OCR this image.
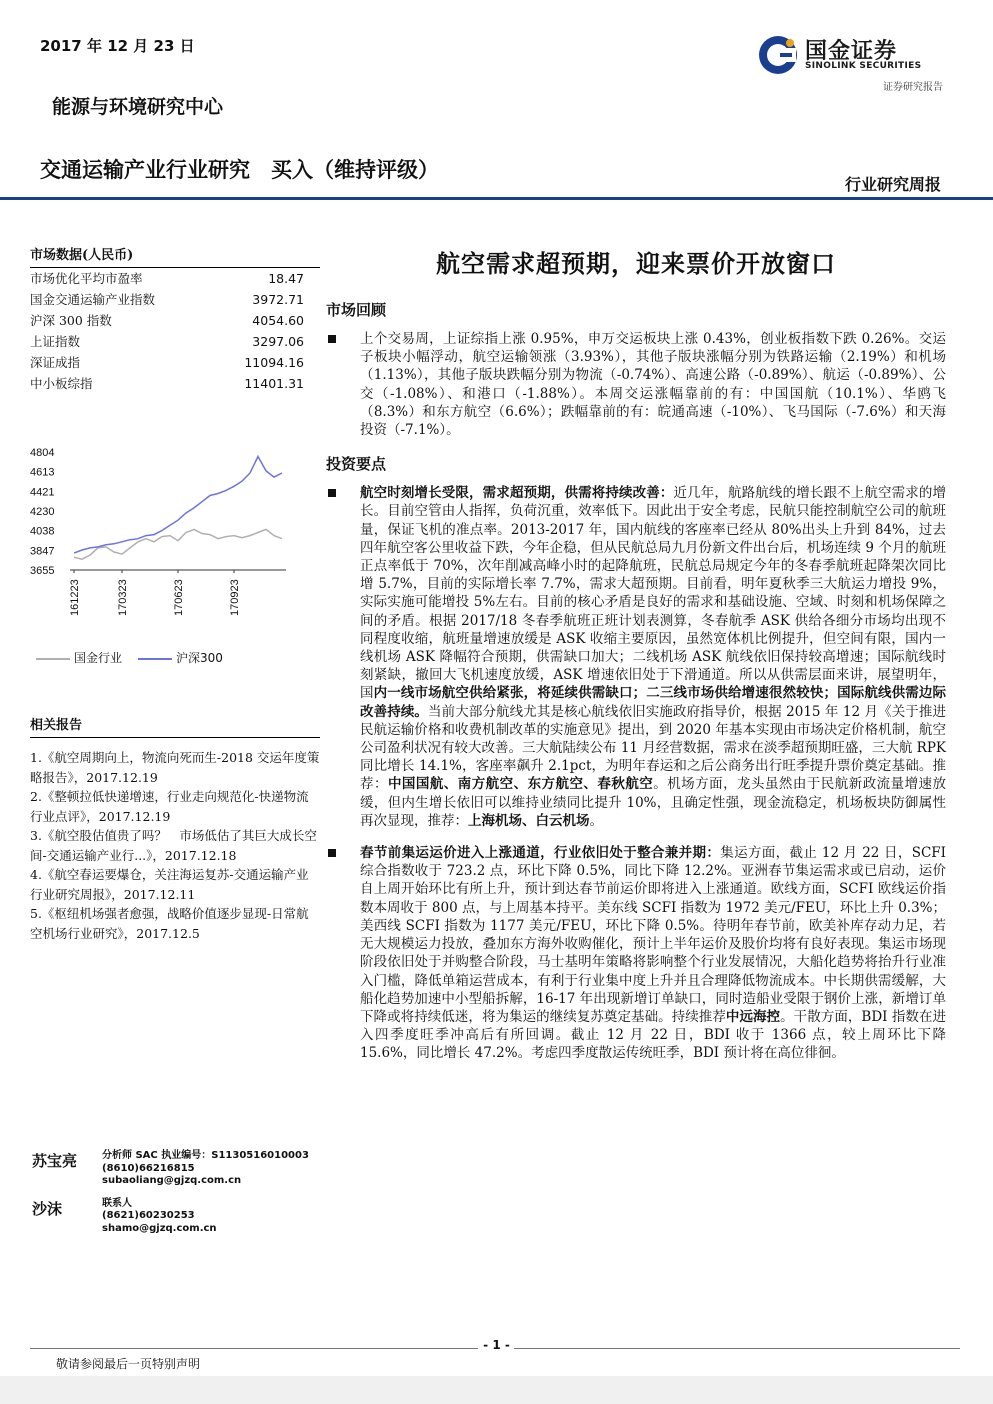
2017 年 12 月 23 日	国金证券
SINOLINK SECURITIES
证券研究报告
能源与环境研究中心
交通运输产业行业研究　买入（维持评级）
行业研究周报
市场数据(人民币)
市场优化平均市盈率	18.47
国金交通运输产业指数	3972.71
沪深 300 指数	4054.60
上证指数	3297.06
深证成指	11094.16
中小板综指	11401.31
4804
4613
4421
4230
4038
3847
3655
161223	170323	170623	170923
国金行业	沪深300
相关报告
1.《航空周期向上，物流向死而生-2018 交运年度策略报告》，2017.12.19
2.《整顿拉低快递增速，行业走向规范化-快递物流行业点评》，2017.12.19
3.《航空股估值贵了吗？　市场低估了其巨大成长空间-交通运输产业行...》，2017.12.18
4.《航空春运要爆仓，关注海运复苏-交通运输产业行业研究周报》，2017.12.11
5.《枢纽机场强者愈强，战略价值逐步显现-日常航空机场行业研究》，2017.12.5
苏宝亮	分析师 SAC 执业编号：S1130516010003
(8610)66216815
subaoliang@gjzq.com.cn
沙沫	联系人
(8621)60230253
shamo@gjzq.com.cn
航空需求超预期，迎来票价开放窗口
市场回顾
上个交易周，上证综指上涨 0.95%，申万交运板块上涨 0.43%，创业板指数下跌 0.26%。交运子板块小幅浮动，航空运输领涨（3.93%），其他子版块涨幅分别为铁路运输（2.19%）和机场（1.13%），其他子版块跌幅分别为物流（-0.74%）、高速公路（-0.89%）、航运（-0.89%）、公交（-1.08%）、和港口（-1.88%）。本周交运涨幅靠前的有：中国国航（10.1%）、华鸥飞（8.3%）和东方航空（6.6%）；跌幅靠前的有：皖通高速（-10%）、飞马国际（-7.6%）和天海投资（-7.1%）。
投资要点
航空时刻增长受限，需求超预期，供需将持续改善：近几年，航路航线的增长跟不上航空需求的增长。目前空管由人指挥，负荷沉重，效率低下。因此出于安全考虑，民航只能控制航空公司的航班量，保证飞机的准点率。2013-2017 年，国内航线的客座率已经从 80%出头上升到 84%，过去四年航空客公里收益下跌，今年企稳，但从民航总局九月份新文件出台后，机场连续 9 个月的航班正点率低于 70%，次年削减高峰小时的起降航班，民航总局规定今年的冬春季航班起降架次同比增 5.7%，目前的实际增长率 7.7%，需求大超预期。目前看，明年夏秋季三大航运力增投 9%，实际实施可能增投 5%左右。目前的核心矛盾是良好的需求和基础设施、空域、时刻和机场保障之间的矛盾。根据 2017/18 冬春季航班正班计划表测算，冬春航季 ASK 供给各细分市场均出现不同程度收缩，航班量增速放缓是 ASK 收缩主要原因，虽然宽体机比例提升，但空间有限，国内一线机场 ASK 降幅符合预期，供需缺口加大；二线机场 ASK 航线依旧保持较高增速；国际航线时刻紧缺，撤回大飞机速度放缓，ASK 增速依旧处于下滑通道。所以从供需层面来讲，展望明年，国内一线市场航空供给紧张，将延续供需缺口；二三线市场供给增速很然较快；国际航线供需边际改善持续。当前大部分航线尤其是核心航线依旧实施政府指导价，根据 2015 年 12 月《关于推进民航运输价格和收费机制改革的实施意见》提出，到 2020 年基本实现由市场决定价格机制，航空公司盈利状况有较大改善。三大航陆续公布 11 月经营数据，需求在淡季超预期旺盛，三大航 RPK 同比增长 14.1%，客座率飙升 2.1pct，为明年春运和之后公商务出行旺季提升票价奠定基础。推荐：中国国航、南方航空、东方航空、春秋航空。机场方面，龙头虽然由于民航新政流量增速放缓，但内生增长依旧可以维持业绩同比提升 10%，且确定性强，现金流稳定，机场板块防御属性再次显现，推荐：上海机场、白云机场。
春节前集运运价进入上涨通道，行业依旧处于整合兼并期：集运方面，截止 12 月 22 日，SCFI 综合指数收于 723.2 点，环比下降 0.5%，同比下降 12.2%。亚洲春节集运需求或已启动，运价自上周开始环比有所上升，预计到达春节前运价即将进入上涨通道。欧线方面，SCFI 欧线运价指数本周收于 800 点，与上周基本持平。美东线 SCFI 指数为 1972 美元/FEU，环比上升 0.3%；美西线 SCFI 指数为 1177 美元/FEU，环比下降 0.5%。待明年春节前，欧美补库存动力足，若无大规模运力投放，叠加东方海外收购催化，预计上半年运价及股价均将有良好表现。集运市场现阶段依旧处于并购整合阶段，马士基明年策略将影响整个行业发展情况，大船化趋势将抬升行业准入门槛，降低单箱运营成本，有利于行业集中度上升并且合理降低物流成本。中长期供需缓解，大船化趋势加速中小型船拆解，16-17 年出现新增订单缺口，同时造船业受限于钢价上涨，新增订单下降或将持续低迷，将为集运的继续复苏奠定基础。持续推荐中远海控。干散方面，BDI 指数在进入四季度旺季冲高后有所回调。截止 12 月 22 日，BDI 收于 1366 点，较上周环比下降 15.6%，同比增长 47.2%。考虑四季度散运传统旺季，BDI 预计将在高位徘徊。
- 1 -
敬请参阅最后一页特别声明
